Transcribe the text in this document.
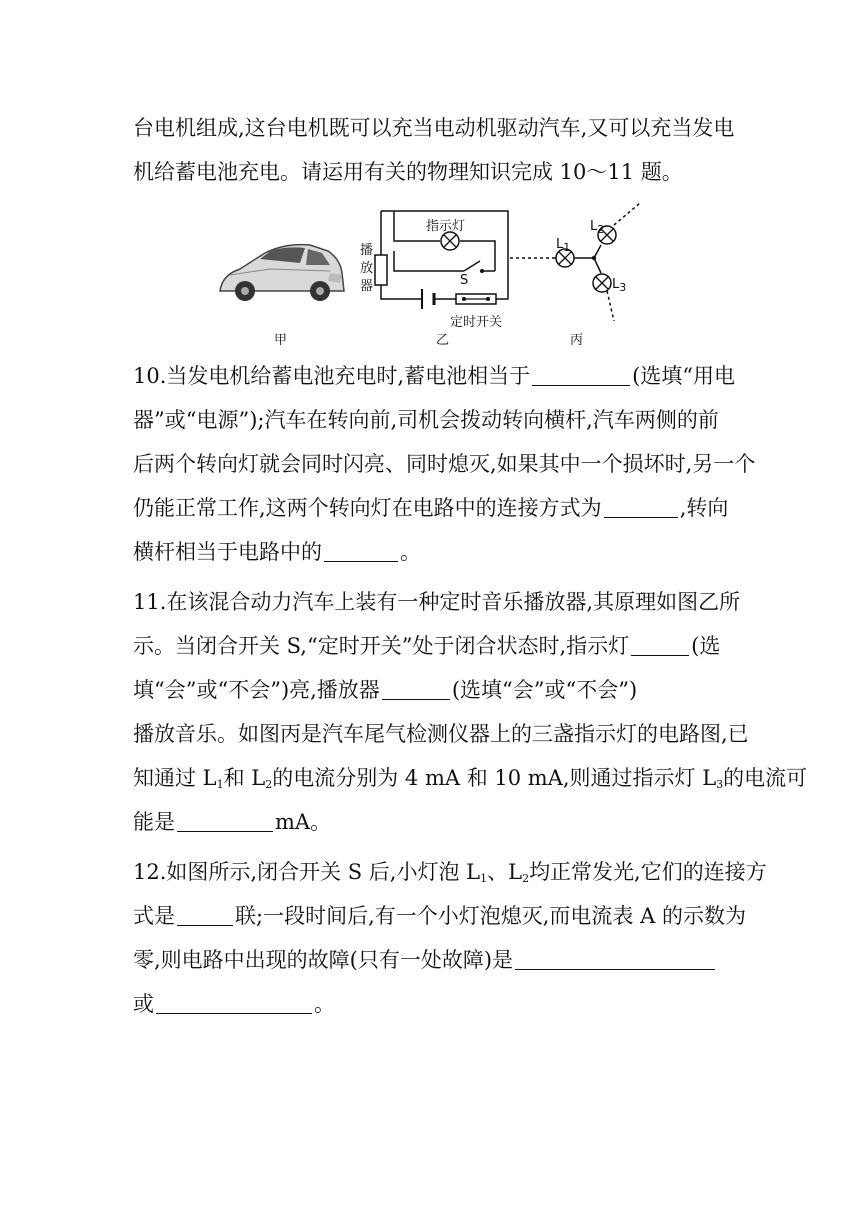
台电机组成,这台电机既可以充当电动机驱动汽车,又可以充当发电
机给蓄电池充电。请运用有关的物理知识完成 10～11 题。
指示灯
播
放
器	S
定时开关
$L_1$
$L_2$
$L_3$
甲	乙	丙
10.当发电机给蓄电池充电时,蓄电池相当于	(选填“用电
器”或“电源”);汽车在转向前,司机会拨动转向横杆,汽车两侧的前
后两个转向灯就会同时闪亮、同时熄灭,如果其中一个损坏时,另一个
仍能正常工作,这两个转向灯在电路中的连接方式为	,转向
横杆相当于电路中的	。
11.在该混合动力汽车上装有一种定时音乐播放器,其原理如图乙所
示。当闭合开关 S,“定时开关”处于闭合状态时,指示灯	(选
填“会”或“不会”)亮,播放器	(选填“会”或“不会”)
播放音乐。如图丙是汽车尾气检测仪器上的三盏指示灯的电路图,已
知通过 $L_1$和 $L_2$的电流分别为 4 mA 和 10 mA,则通过指示灯 $L_3$的电流可
能是	mA。
12.如图所示,闭合开关 S 后,小灯泡 $L_1$、$L_2$均正常发光,它们的连接方
式是	联;一段时间后,有一个小灯泡熄灭,而电流表 A 的示数为
零,则电路中出现的故障(只有一处故障)是
或	。
